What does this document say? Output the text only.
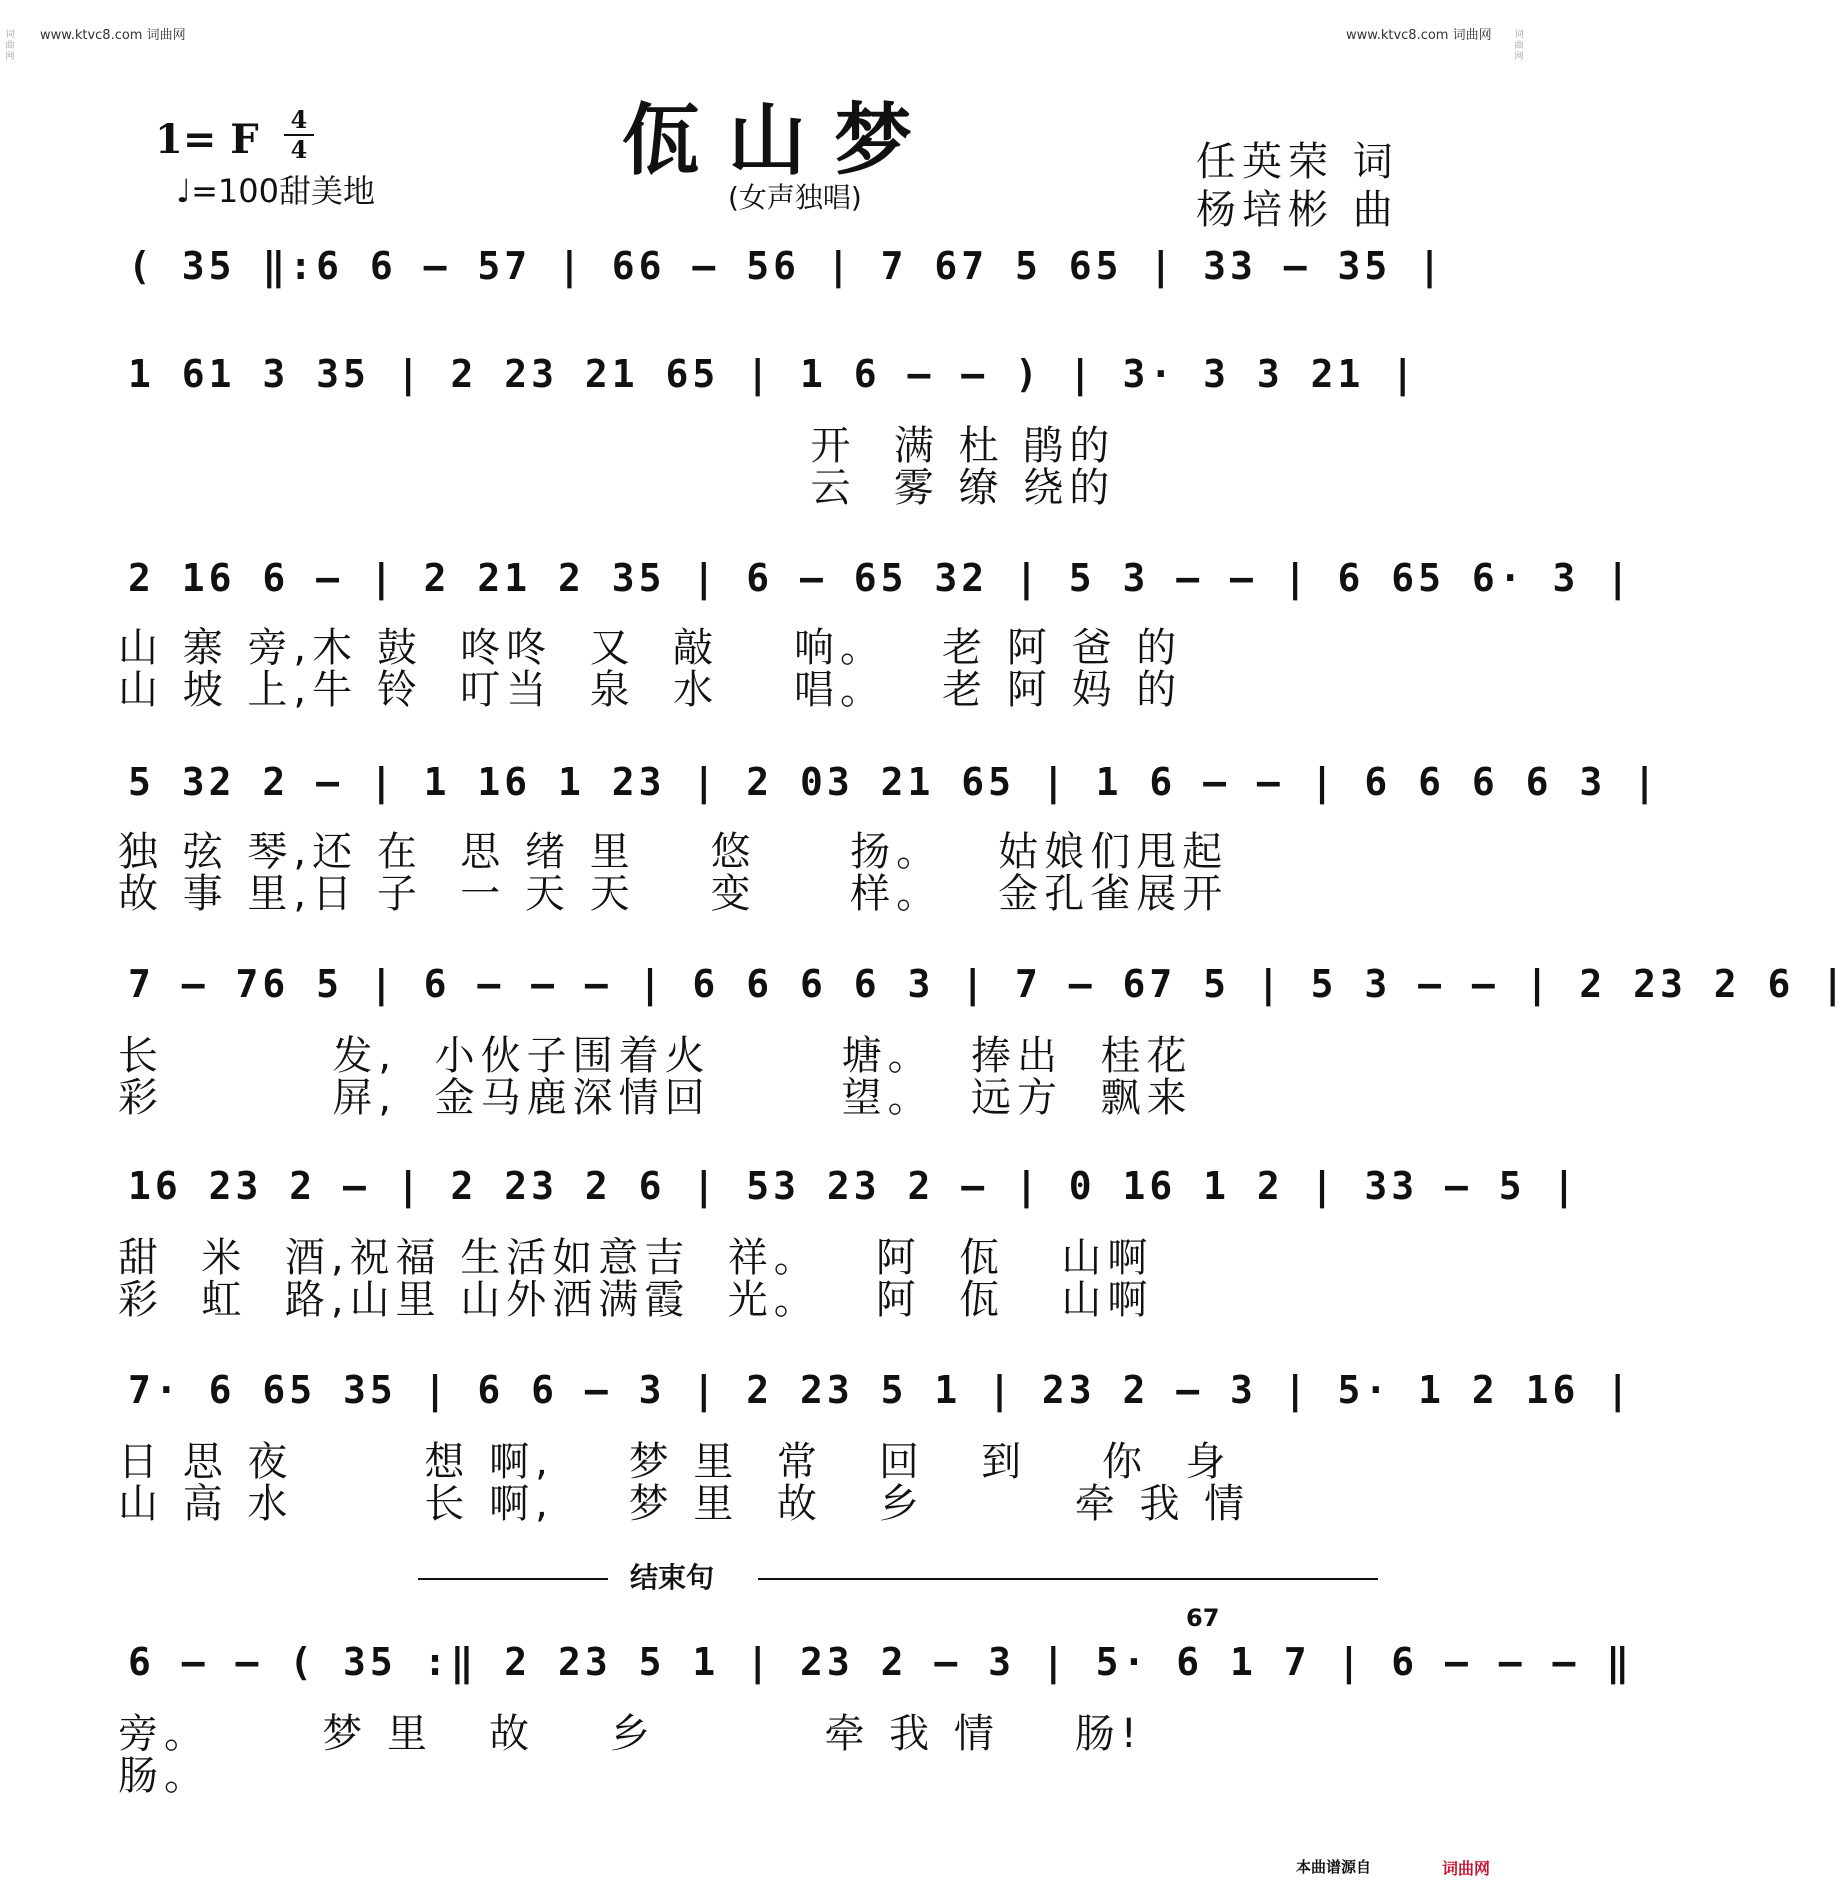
www.ktvc8.com 词曲网	www.ktvc8.com 词曲网
词
曲
网
词
曲
网
1= F 4
4
♩=100甜美地
佤山梦
(女声独唱)
任英荣 词
杨培彬 曲
( 35 ‖:6 6 – 57 | 66 – 56 | 7 67 5 65 | 33 – 35 |
1 61 3 35 | 2 23 21 65 | 1 6 – – ) | 3· 3 3 21 |
开  满 杜 鹃的
云  雾 缭 绕的
2 16 6 – | 2 21 2 35 | 6 – 65 32 | 5 3 – – | 6 65 6· 3 |
山 寨 旁,木 鼓  咚咚  又  敲    响。   老 阿 爸 的
山 坡 上,牛 铃  叮当  泉  水    唱。   老 阿 妈 的
5 32 2 – | 1 16 1 23 | 2 03 21 65 | 1 6 – – | 6 6 6 6 3 |
独 弦 琴,还 在  思 绪 里    悠     扬。   姑娘们甩起
故 事 里,日 子  一 天 天    变     样。   金孔雀展开
7 – 76 5 | 6 – – – | 6 6 6 6 3 | 7 – 67 5 | 5 3 – – | 2 23 2 6 |
长         发,  小伙子围着火       塘。  捧出  桂花
彩         屏,  金马鹿深情回       望。  远方  飘来
16 23 2 – | 2 23 2 6 | 53 23 2 – | 0 16 1 2 | 33 – 5 |
甜  米  酒,祝福 生活如意吉  祥。   阿  佤   山啊
彩  虹  路,山里 山外洒满霞  光。   阿  佤   山啊
7· 6 65 35 | 6 6 – 3 | 2 23 5 1 | 23 2 – 3 | 5· 1 2 16 |
日 思 夜       想 啊,    梦 里  常   回   到    你  身
山 高 水       长 啊,    梦 里  故   乡        牵 我 情
结束句
67
6 – – ( 35 :‖ 2 23 5 1 | 23 2 – 3 | 5· 6 1 7 | 6 – – – ‖
旁。      梦 里   故    乡         牵 我 情    肠!
肠。
本曲谱源自	词曲网
